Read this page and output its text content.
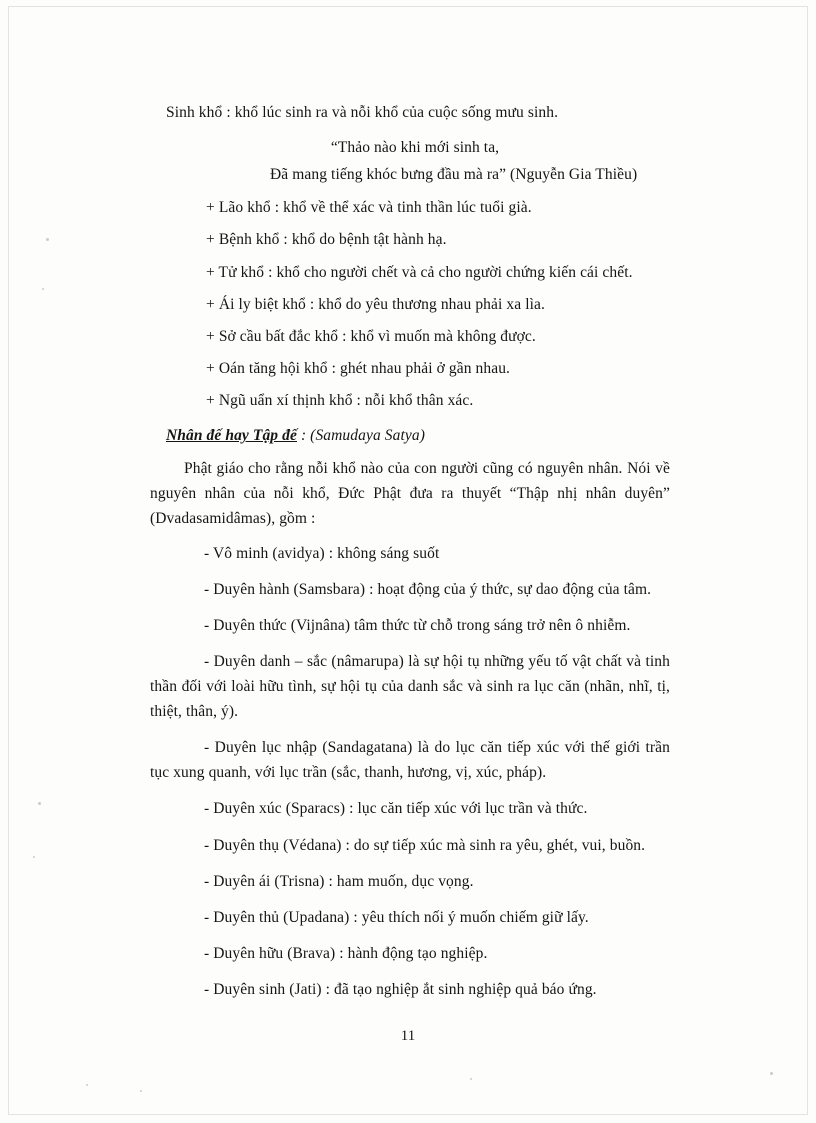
Sinh khổ : khổ lúc sinh ra và nỗi khổ của cuộc sống mưu sinh.

“Thảo nào khi mới sinh ta,

Đã mang tiếng khóc bưng đầu mà ra” (Nguyễn Gia Thiều)

+ Lão khổ : khổ về thể xác và tinh thần lúc tuổi già.

+ Bệnh khổ : khổ do bệnh tật hành hạ.

+ Tử khổ : khổ cho người chết và cả cho người chứng kiến cái chết.

+ Ái ly biệt khổ : khổ do yêu thương nhau phải xa lìa.

+ Sở cầu bất đắc khổ : khổ vì muốn mà không được.

+ Oán tăng hội khổ : ghét nhau phải ở gần nhau.

+ Ngũ uẩn xí thịnh khổ : nỗi khổ thân xác.

Nhân đế hay Tập đế : (Samudaya Satya)

Phật giáo cho rằng nỗi khổ nào của con người cũng có nguyên nhân. Nói về nguyên nhân của nỗi khổ, Đức Phật đưa ra thuyết “Thập nhị nhân duyên” (Dvadasamidâmas), gồm :

- Vô minh (avidya) : không sáng suốt

- Duyên hành (Samsbara) : hoạt động của ý thức, sự dao động của tâm.

- Duyên thức (Vijnâna) tâm thức từ chỗ trong sáng trở nên ô nhiễm.

- Duyên danh – sắc (nâmarupa) là sự hội tụ những yếu tố vật chất và tinh thần đối với loài hữu tình, sự hội tụ của danh sắc và sinh ra lục căn (nhãn, nhĩ, tị, thiệt, thân, ý).

- Duyên lục nhập (Sandagatana) là do lục căn tiếp xúc với thế giới trần tục xung quanh, với lục trần (sắc, thanh, hương, vị, xúc, pháp).

- Duyên xúc (Sparacs) : lục căn tiếp xúc với lục trần và thức.

- Duyên thụ (Védana) : do sự tiếp xúc mà sinh ra yêu, ghét, vui, buồn.

- Duyên ái (Trisna) : ham muốn, dục vọng.

- Duyên thủ (Upadana) : yêu thích nối ý muốn chiếm giữ lấy.

- Duyên hữu (Brava) : hành động tạo nghiệp.

- Duyên sinh (Jati) : đã tạo nghiệp ắt sinh nghiệp quả báo ứng.

11
